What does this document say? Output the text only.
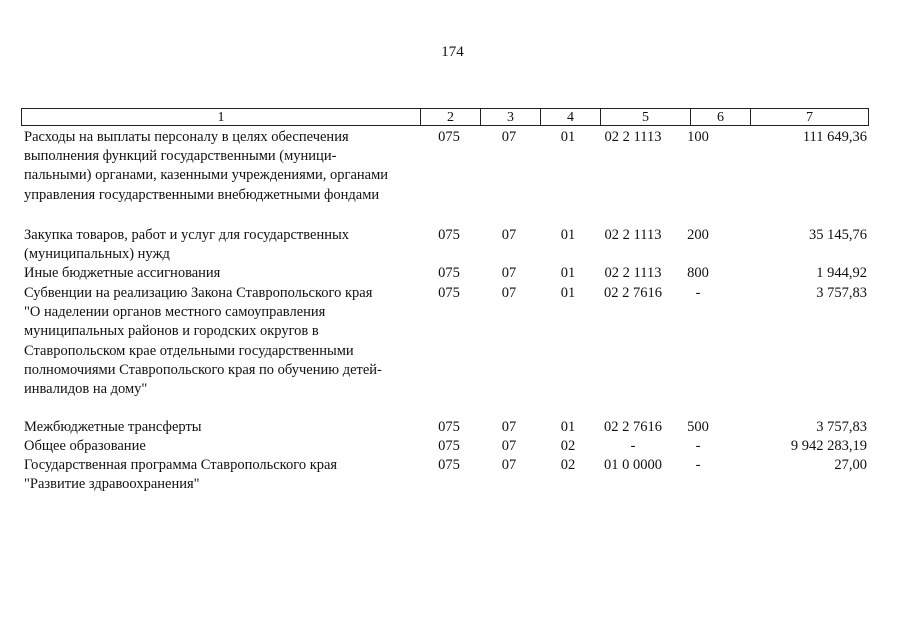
174
1	2	3	4	5	6	7
Расходы на выплаты персоналу в целях обеспечения
выполнения функций государственными (муници-
пальными) органами, казенными учреждениями, органами
управления государственными внебюджетными фондами
075	07	01	02 2 1113	100	111 649,36
Закупка товаров, работ и услуг для государственных
(муниципальных) нужд
075	07	01	02 2 1113	200	35 145,76
Иные бюджетные ассигнования	075	07	01	02 2 1113	800	1 944,92
Субвенции на реализацию Закона Ставропольского края
"О наделении органов местного самоуправления
муниципальных районов и городских округов в
Ставропольском крае отдельными государственными
полномочиями Ставропольского края по обучению детей-
инвалидов на дому"
075	07	01	02 2 7616	-	3 757,83
Межбюджетные трансферты	075	07	01	02 2 7616	500	3 757,83
Общее образование	075	07	02	-	-	9 942 283,19
Государственная программа Ставропольского края
"Развитие здравоохранения"
075	07	02	01 0 0000	-	27,00
